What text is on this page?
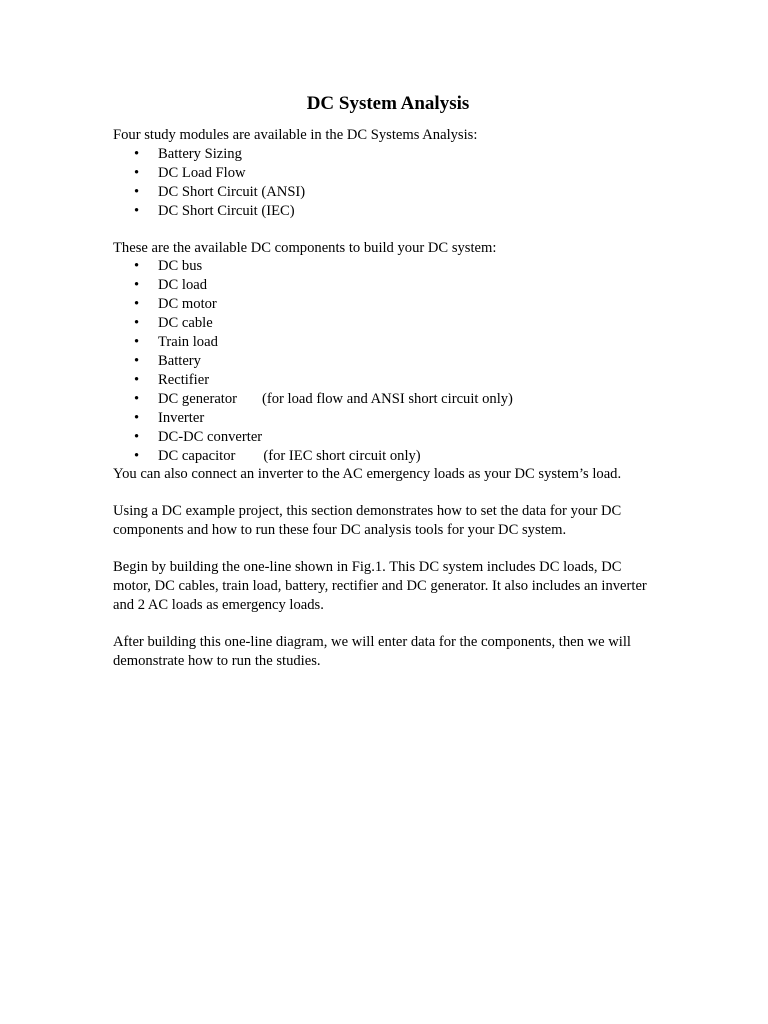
DC System Analysis

Four study modules are available in the DC Systems Analysis:

• Battery Sizing
• DC Load Flow
• DC Short Circuit (ANSI)
• DC Short Circuit (IEC)

These are the available DC components to build your DC system:

• DC bus
• DC load
• DC motor
• DC cable
• Train load
• Battery
• Rectifier
• DC generator (for load flow and ANSI short circuit only)
• Inverter
• DC-DC converter
• DC capacitor (for IEC short circuit only)

You can also connect an inverter to the AC emergency loads as your DC system’s load.

Using a DC example project, this section demonstrates how to set the data for your DC components and how to run these four DC analysis tools for your DC system.

Begin by building the one-line shown in Fig.1. This DC system includes DC loads, DC motor, DC cables, train load, battery, rectifier and DC generator. It also includes an inverter and 2 AC loads as emergency loads.

After building this one-line diagram, we will enter data for the components, then we will demonstrate how to run the studies.
